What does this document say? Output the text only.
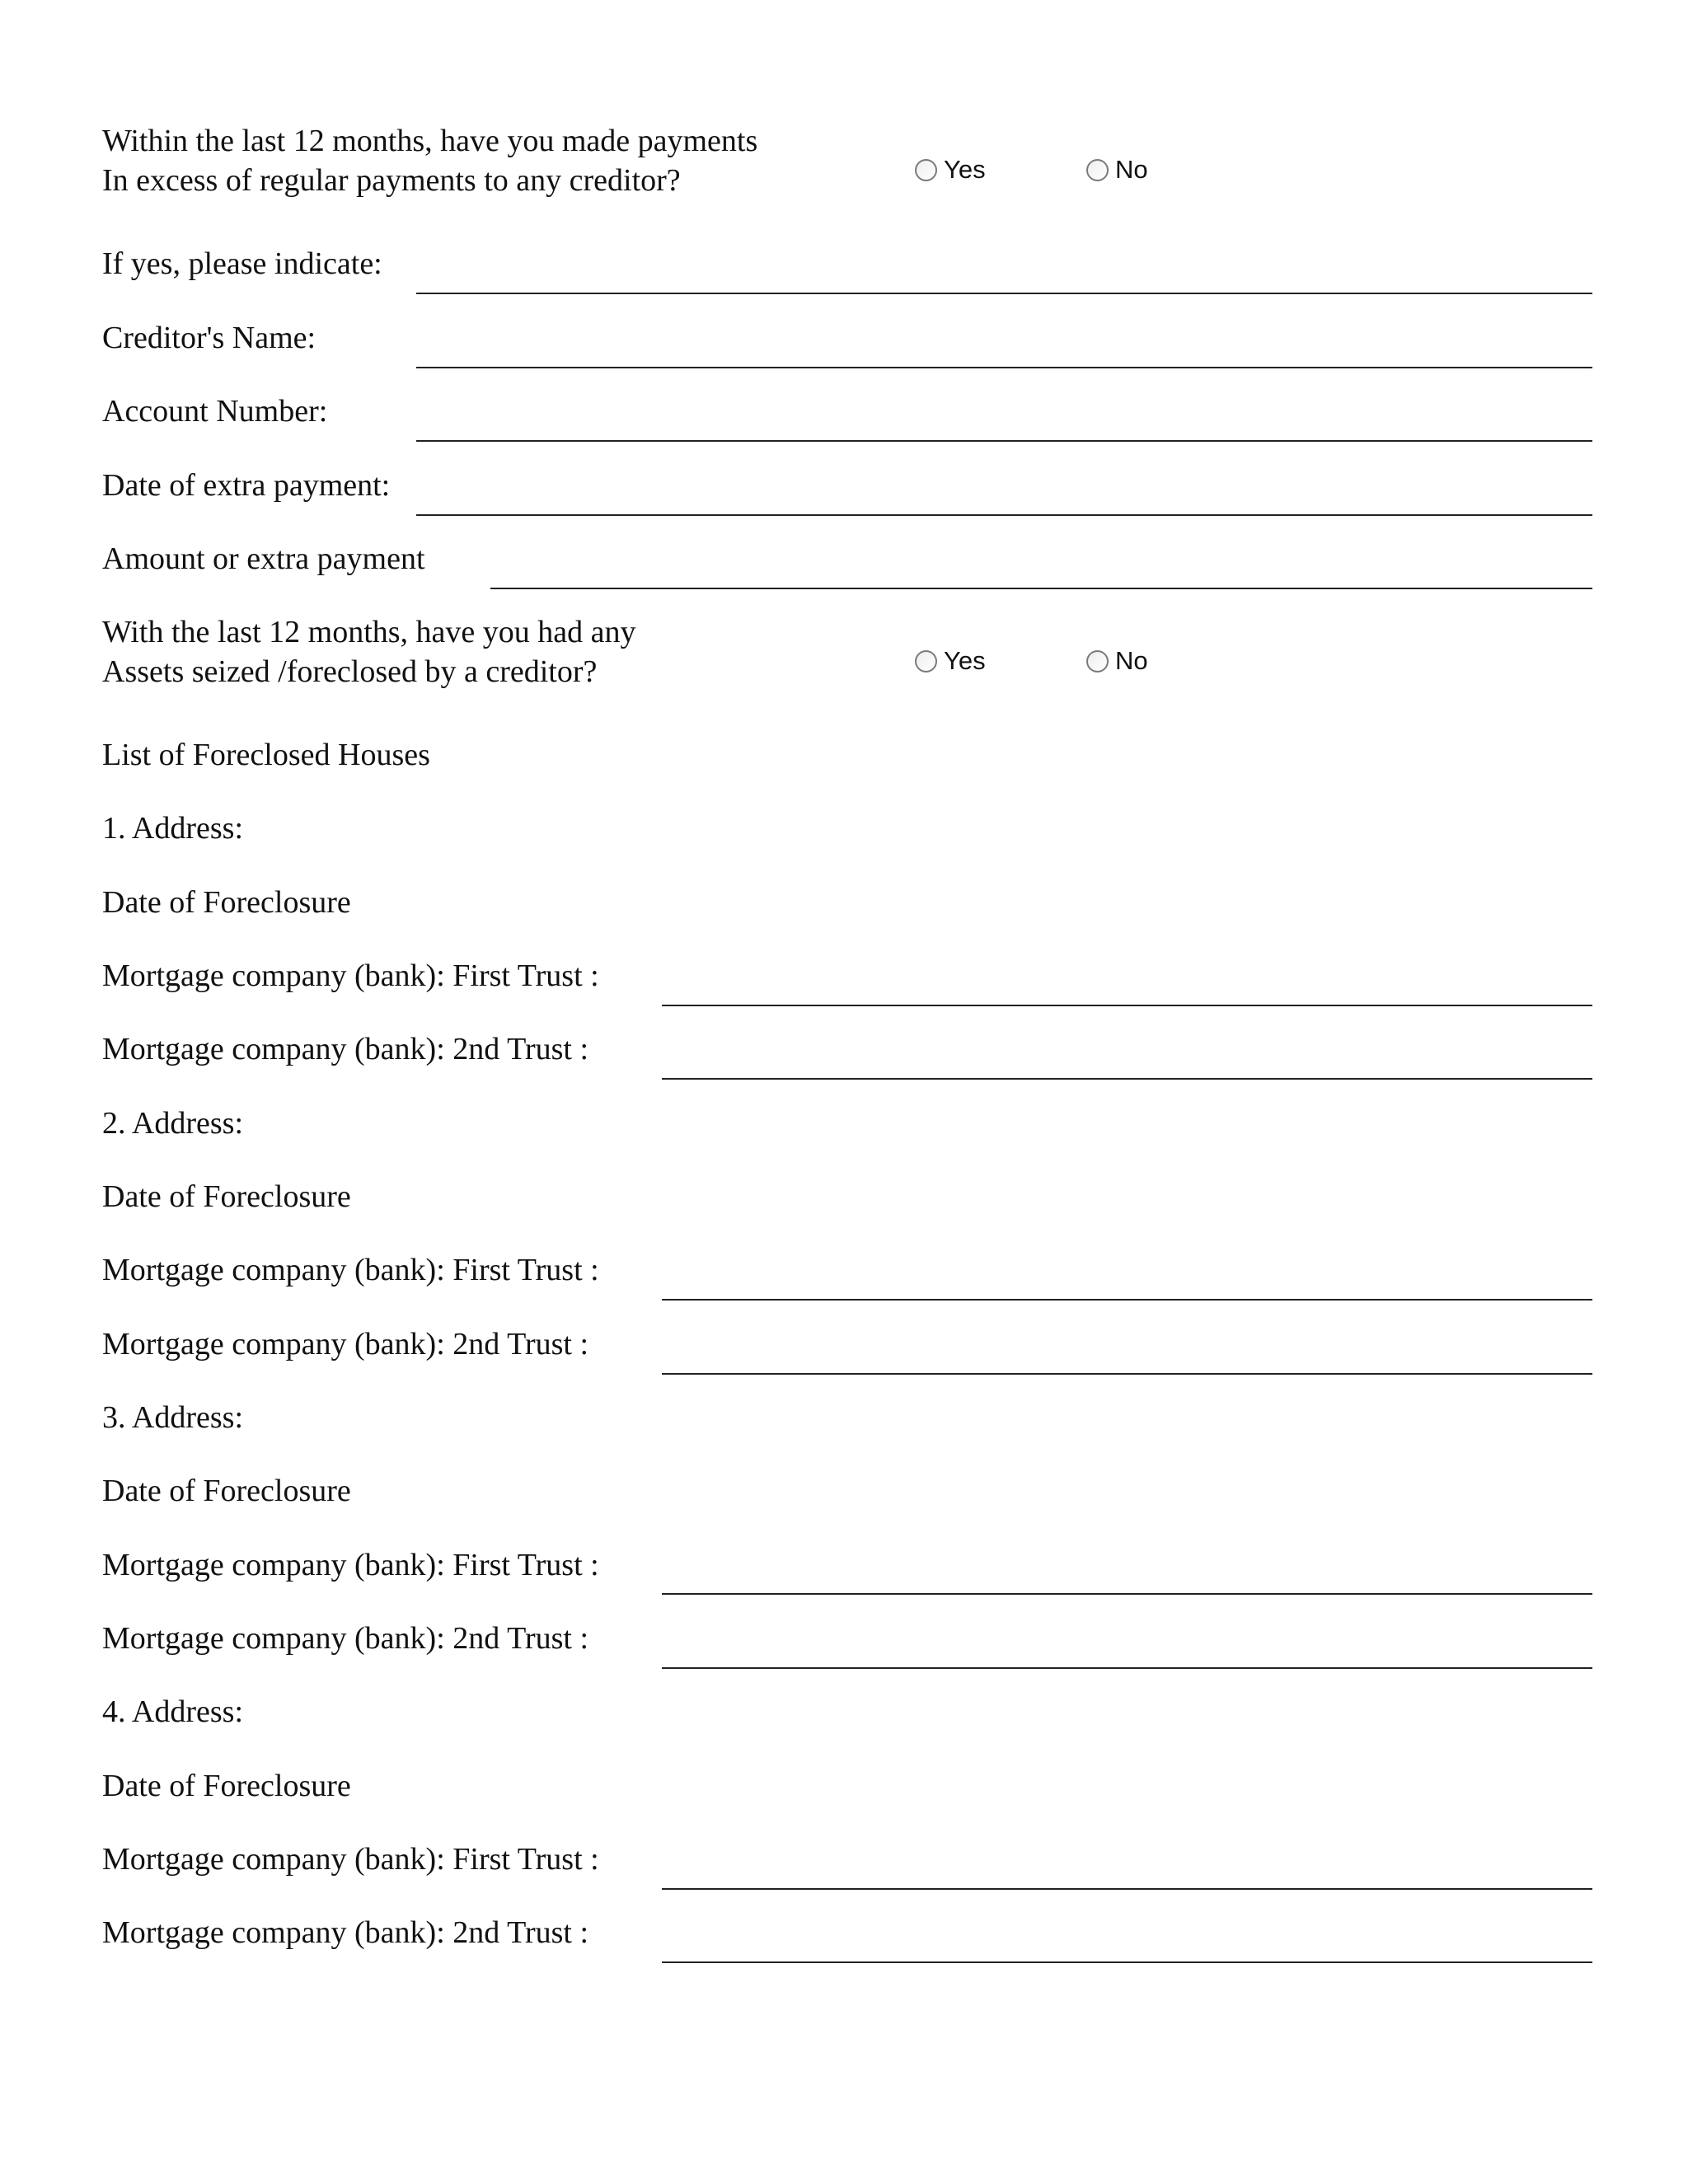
Within the last 12 months, have you made payments
In excess of regular payments to any creditor?	Yes	No
If yes, please indicate:
Creditor's Name:
Account Number:
Date of extra payment:
Amount or extra payment
With the last 12 months, have you had any
Assets seized /foreclosed by a creditor?	Yes	No
List of Foreclosed Houses
1. Address:
Date of Foreclosure
Mortgage company (bank): First Trust :
Mortgage company (bank): 2nd Trust :
2. Address:
Date of Foreclosure
Mortgage company (bank): First Trust :
Mortgage company (bank): 2nd Trust :
3. Address:
Date of Foreclosure
Mortgage company (bank): First Trust :
Mortgage company (bank): 2nd Trust :
4. Address:
Date of Foreclosure
Mortgage company (bank): First Trust :
Mortgage company (bank): 2nd Trust :
